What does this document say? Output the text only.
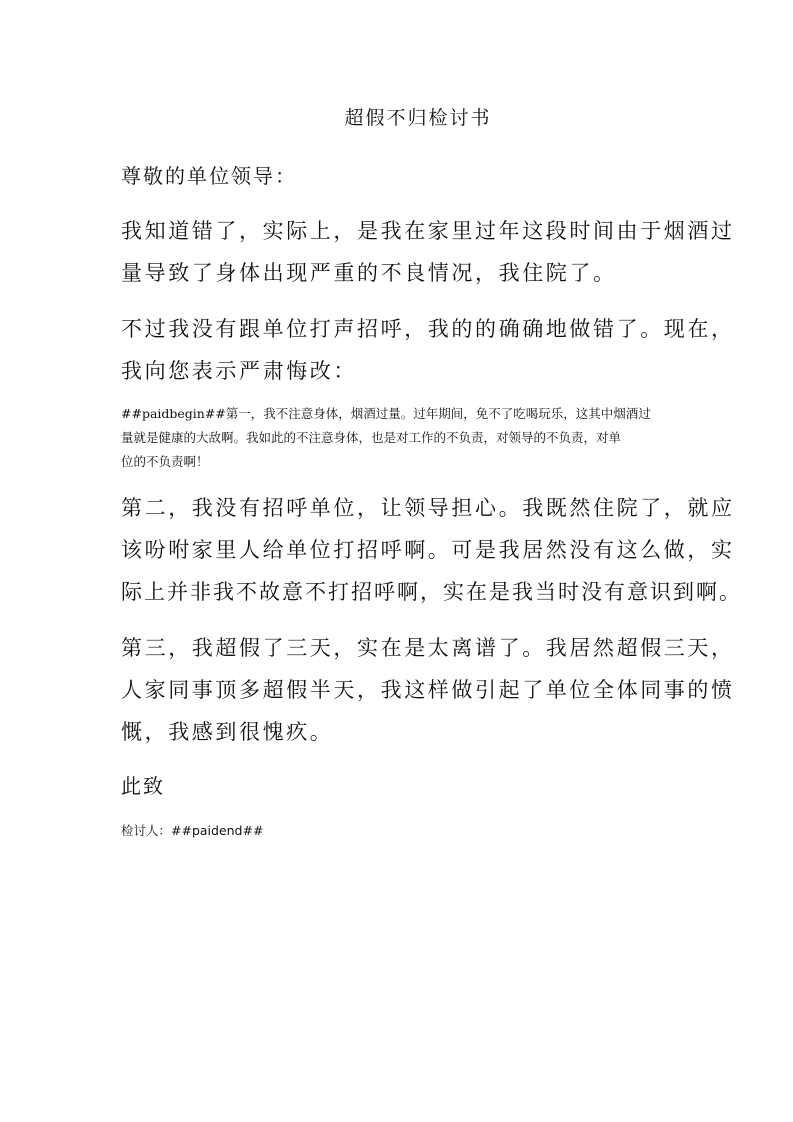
超假不归检讨书
尊敬的单位领导：
我知道错了，实际上，是我在家里过年这段时间由于烟酒过
量导致了身体出现严重的不良情况，我住院了。
不过我没有跟单位打声招呼，我的的确确地做错了。现在，
我向您表示严肃悔改：
##paidbegin##第一，我不注意身体，烟酒过量。过年期间，免不了吃喝玩乐，这其中烟酒过
量就是健康的大敌啊。我如此的不注意身体，也是对工作的不负责，对领导的不负责，对单
位的不负责啊！
第二，我没有招呼单位，让领导担心。我既然住院了，就应
该吩咐家里人给单位打招呼啊。可是我居然没有这么做，实
际上并非我不故意不打招呼啊，实在是我当时没有意识到啊。
第三，我超假了三天，实在是太离谱了。我居然超假三天，
人家同事顶多超假半天，我这样做引起了单位全体同事的愤
慨，我感到很愧疚。
此致
检讨人：##paidend##
